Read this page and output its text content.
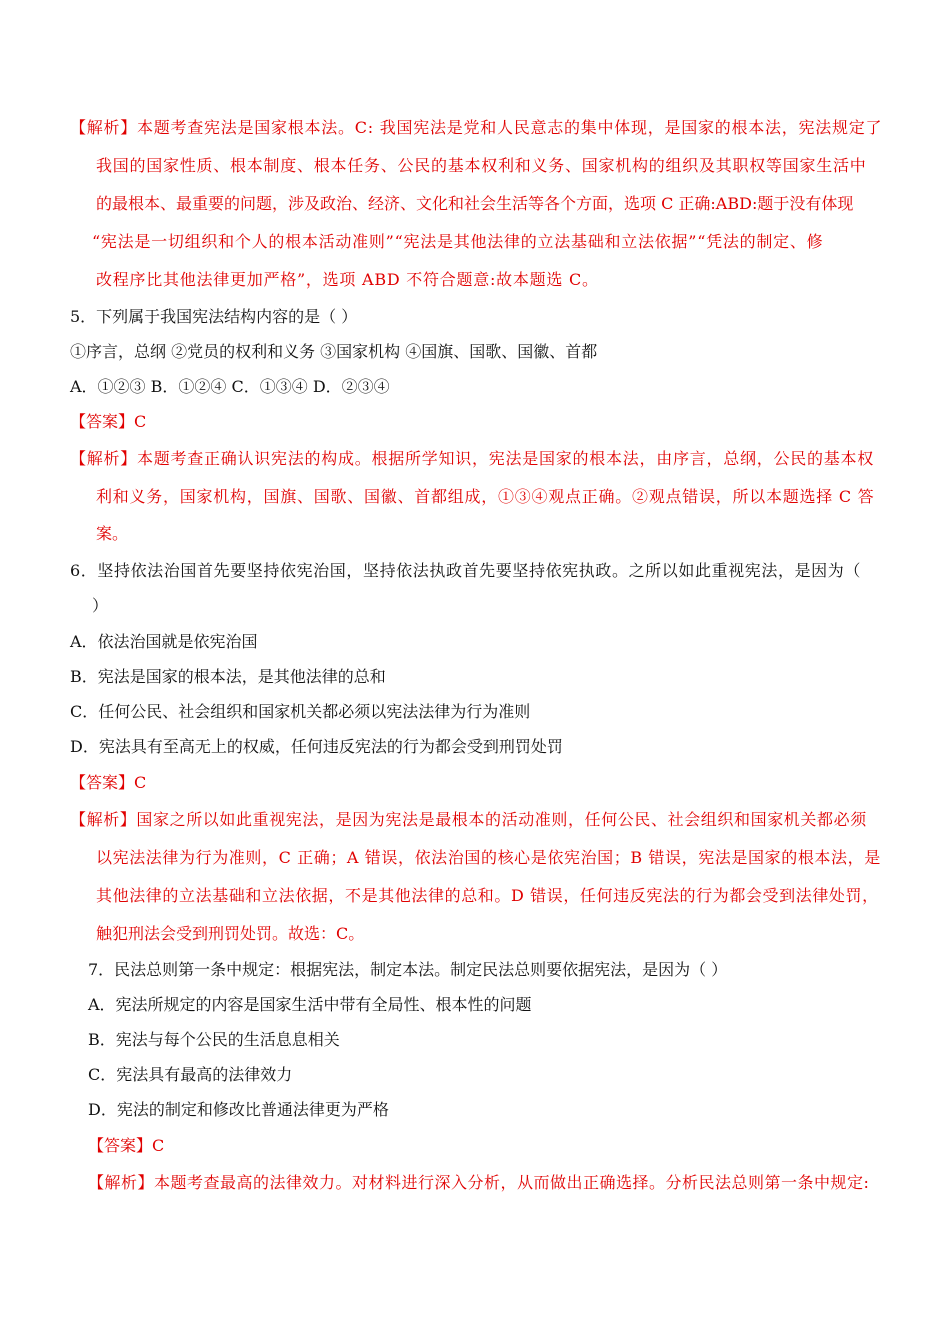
【解析】本题考查宪法是国家根本法。C: 我国宪法是党和人民意志的集中体现，是国家的根本法，宪法规定了
我国的国家性质、根本制度、根本任务、公民的基本权利和义务、国家机构的组织及其职权等国家生活中
的最根本、最重要的问题，涉及政治、经济、文化和社会生活等各个方面，选项 C 正确:ABD:题于没有体现
“宪法是一切组织和个人的根本活动准则”“宪法是其他法律的立法基础和立法依据”“凭法的制定、修
改程序比其他法律更加严格”，选项 ABD 不符合题意:故本题选 C。
5．下列属于我国宪法结构内容的是（ ）
①序言，总纲 ②党员的权利和义务 ③国家机构 ④国旗、国歌、国徽、首都
A．①②③ B．①②④ C．①③④ D．②③④
【答案】C
【解析】本题考查正确认识宪法的构成。根据所学知识，宪法是国家的根本法，由序言，总纲，公民的基本权
利和义务，国家机构，国旗、国歌、国徽、首都组成，①③④观点正确。②观点错误，所以本题选择 C 答
案。
6．坚持依法治国首先要坚持依宪治国，坚持依法执政首先要坚持依宪执政。之所以如此重视宪法，是因为（
）
A．依法治国就是依宪治国
B．宪法是国家的根本法，是其他法律的总和
C．任何公民、社会组织和国家机关都必须以宪法法律为行为准则
D．宪法具有至高无上的权威，任何违反宪法的行为都会受到刑罚处罚
【答案】C
【解析】国家之所以如此重视宪法，是因为宪法是最根本的活动准则，任何公民、社会组织和国家机关都必须
以宪法法律为行为准则，C 正确；A 错误，依法治国的核心是依宪治国；B 错误，宪法是国家的根本法，是
其他法律的立法基础和立法依据，不是其他法律的总和。D 错误，任何违反宪法的行为都会受到法律处罚，
触犯刑法会受到刑罚处罚。故选：C。
7．民法总则第一条中规定：根据宪法，制定本法。制定民法总则要依据宪法，是因为（ ）
A．宪法所规定的内容是国家生活中带有全局性、根本性的问题
B．宪法与每个公民的生活息息相关
C．宪法具有最高的法律效力
D．宪法的制定和修改比普通法律更为严格
【答案】C
【解析】本题考查最高的法律效力。对材料进行深入分析，从而做出正确选择。分析民法总则第一条中规定:
